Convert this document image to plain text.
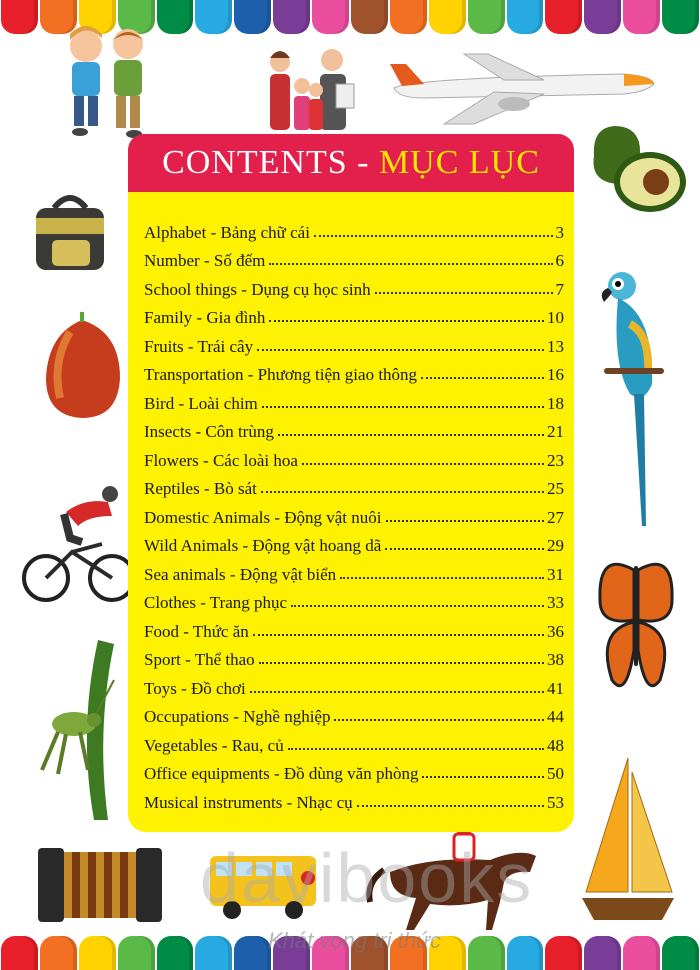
CONTENTS - MỤC LỤC
Alphabet - Bảng chữ cái	3
Number - Số đếm	6
School things - Dụng cụ học sinh	7
Family - Gia đình	10
Fruits - Trái cây	13
Transportation - Phương tiện giao thông	16
Bird - Loài chim	18
Insects - Côn trùng	21
Flowers - Các loài hoa	23
Reptiles - Bò sát	25
Domestic Animals - Động vật nuôi	27
Wild Animals - Động vật hoang dã	29
Sea animals - Động vật biển	31
Clothes - Trang phục	33
Food - Thức ăn	36
Sport - Thể thao	38
Toys - Đồ chơi	41
Occupations - Nghề nghiệp	44
Vegetables - Rau, củ	48
Office equipments - Đồ dùng văn phòng	50
Musical instruments - Nhạc cụ	53
davibooks
Khát vọng tri thức
